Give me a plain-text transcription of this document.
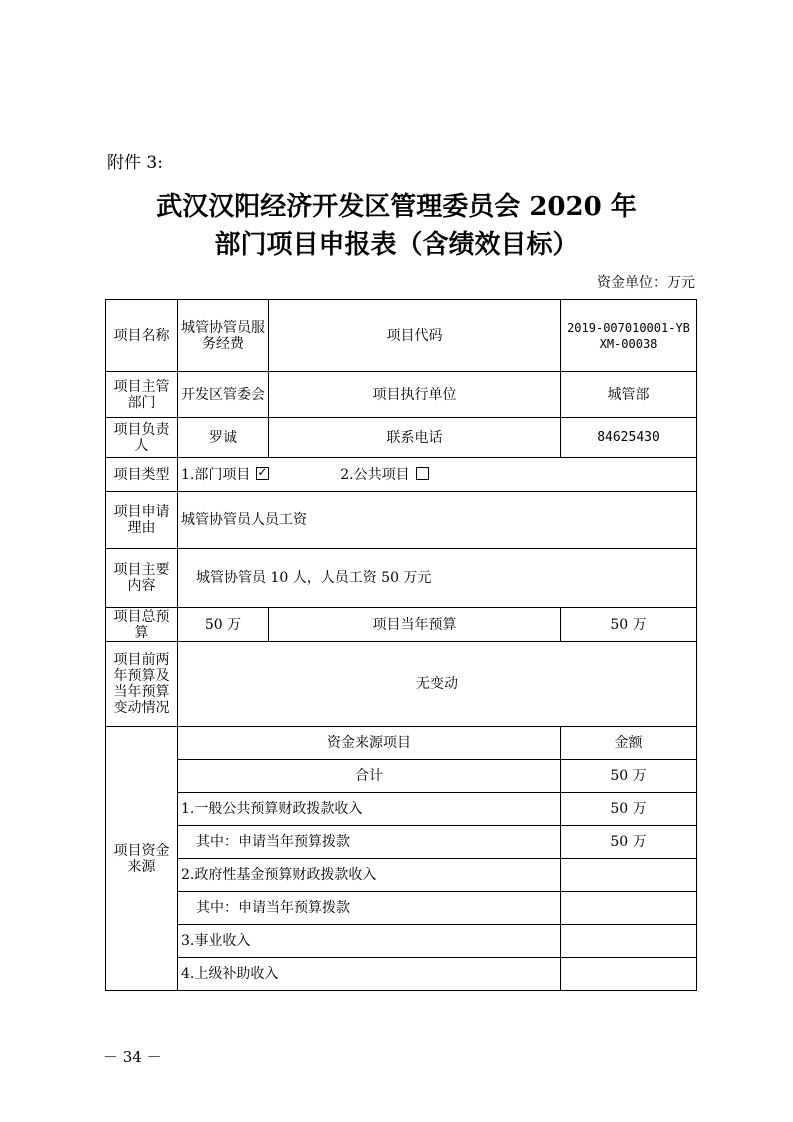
附件 3:
武汉汉阳经济开发区管理委员会 2020 年
部门项目申报表（含绩效目标）
资金单位：万元
项目名称	城管协管员服务经费	项目代码	2019-007010001-YBXM-00038
项目主管部门	开发区管委会	项目执行单位	城管部
项目负责人	罗诚	联系电话	84625430
项目类型	1.部门项目 ✓ 2.公共项目
项目申请理由	城管协管员人员工资		
项目主要内容	城管协管员 10 人，人员工资 50 万元		
项目总预算	50 万	项目当年预算	50 万
项目前两年预算及当年预算变动情况	无变动		
项目资金来源	资金来源项目		金额
	合计		50 万
	1.一般公共预算财政拨款收入		50 万
	其中：申请当年预算拨款		50 万
	2.政府性基金预算财政拨款收入		
	其中：申请当年预算拨款		
	3.事业收入		
	4.上级补助收入		
－ 34 －
